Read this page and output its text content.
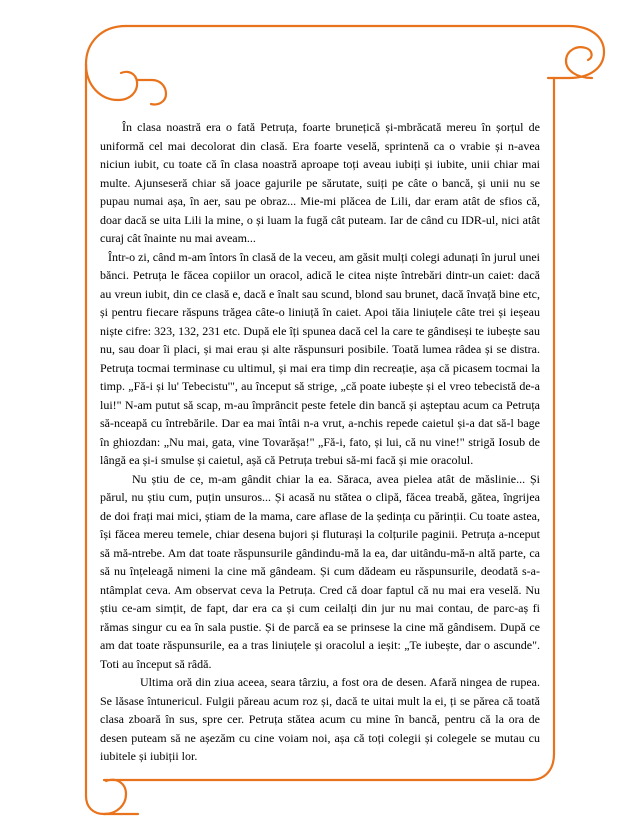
În clasa noastră era o fată Petruța, foarte brunețică și-mbrăcată mereu în șorțul de uniformă cel mai decolorat din clasă. Era foarte veselă, sprintenă ca o vrabie și n-avea niciun iubit, cu toate că în clasa noastră aproape toți aveau iubiți și iubite, unii chiar mai multe. Ajunseseră chiar să joace gajurile pe sărutate, suiți pe câte o bancă, și unii nu se pupau numai așa, în aer, sau pe obraz... Mie-mi plăcea de Lili, dar eram atât de sfios că, doar dacă se uita Lili la mine, o și luam la fugă cât puteam. Iar de când cu IDR-ul, nici atât curaj cât înainte nu mai aveam...

Într-o zi, când m-am întors în clasă de la veceu, am găsit mulți colegi adunați în jurul unei bănci. Petruța le făcea copiilor un oracol, adică le citea niște întrebări dintr-un caiet: dacă au vreun iubit, din ce clasă e, dacă e înalt sau scund, blond sau brunet, dacă învață bine etc, și pentru fiecare răspuns trăgea câte-o liniuță în caiet. Apoi tăia liniuțele câte trei și ieșeau niște cifre: 323, 132, 231 etc. După ele îți spunea dacă cel la care te gândiseși te iubește sau nu, sau doar îi placi, și mai erau și alte răspunsuri posibile. Toată lumea râdea și se distra. Petruța tocmai terminase cu ultimul, și mai era timp din recreație, așa că picasem tocmai la timp. „Fă-i și lu' Tebecistu'", au început să strige, „că poate iubește și el vreo tebecistă de-a lui!" N-am putut să scap, m-au împrâncit peste fetele din bancă și așteptau acum ca Petruța să-nceapă cu întrebările. Dar ea mai întâi n-a vrut, a-nchis repede caietul și-a dat să-l bage în ghiozdan: „Nu mai, gata, vine Tovarășa!" „Fă-i, fato, și lui, că nu vine!" strigă Iosub de lângă ea și-i smulse și caietul, așă că Petruța trebui să-mi facă și mie oracolul.

Nu știu de ce, m-am gândit chiar la ea. Săraca, avea pielea atât de măslinie... Și părul, nu știu cum, puțin unsuros... Și acasă nu stătea o clipă, făcea treabă, gătea, îngrijea de doi frați mai mici, știam de la mama, care aflase de la ședința cu părinții. Cu toate astea, își făcea mereu temele, chiar desena bujori și fluturași la colțurile paginii. Petruța a-nceput să mă-ntrebe. Am dat toate răspunsurile gândindu-mă la ea, dar uitându-mă-n altă parte, ca să nu înțeleagă nimeni la cine mă gândeam. Și cum dădeam eu răspunsurile, deodată s-a-ntâmplat ceva. Am observat ceva la Petruța. Cred că doar faptul că nu mai era veselă. Nu știu ce-am simțit, de fapt, dar era ca și cum ceilalți din jur nu mai contau, de parc-aș fi rămas singur cu ea în sala pustie. Și de parcă ea se prinsese la cine mă gândisem. După ce am dat toate răspunsurile, ea a tras liniuțele și oracolul a ieșit: „Te iubește, dar o ascunde". Toti au început să râdă.

Ultima oră din ziua aceea, seara târziu, a fost ora de desen. Afară ningea de rupea. Se lăsase întunericul. Fulgii păreau acum roz și, dacă te uitai mult la ei, ți se părea că toată clasa zboară în sus, spre cer. Petruța stătea acum cu mine în bancă, pentru că la ora de desen puteam să ne așezăm cu cine voiam noi, așa că toți colegii și colegele se mutau cu iubitele și iubiții lor.
